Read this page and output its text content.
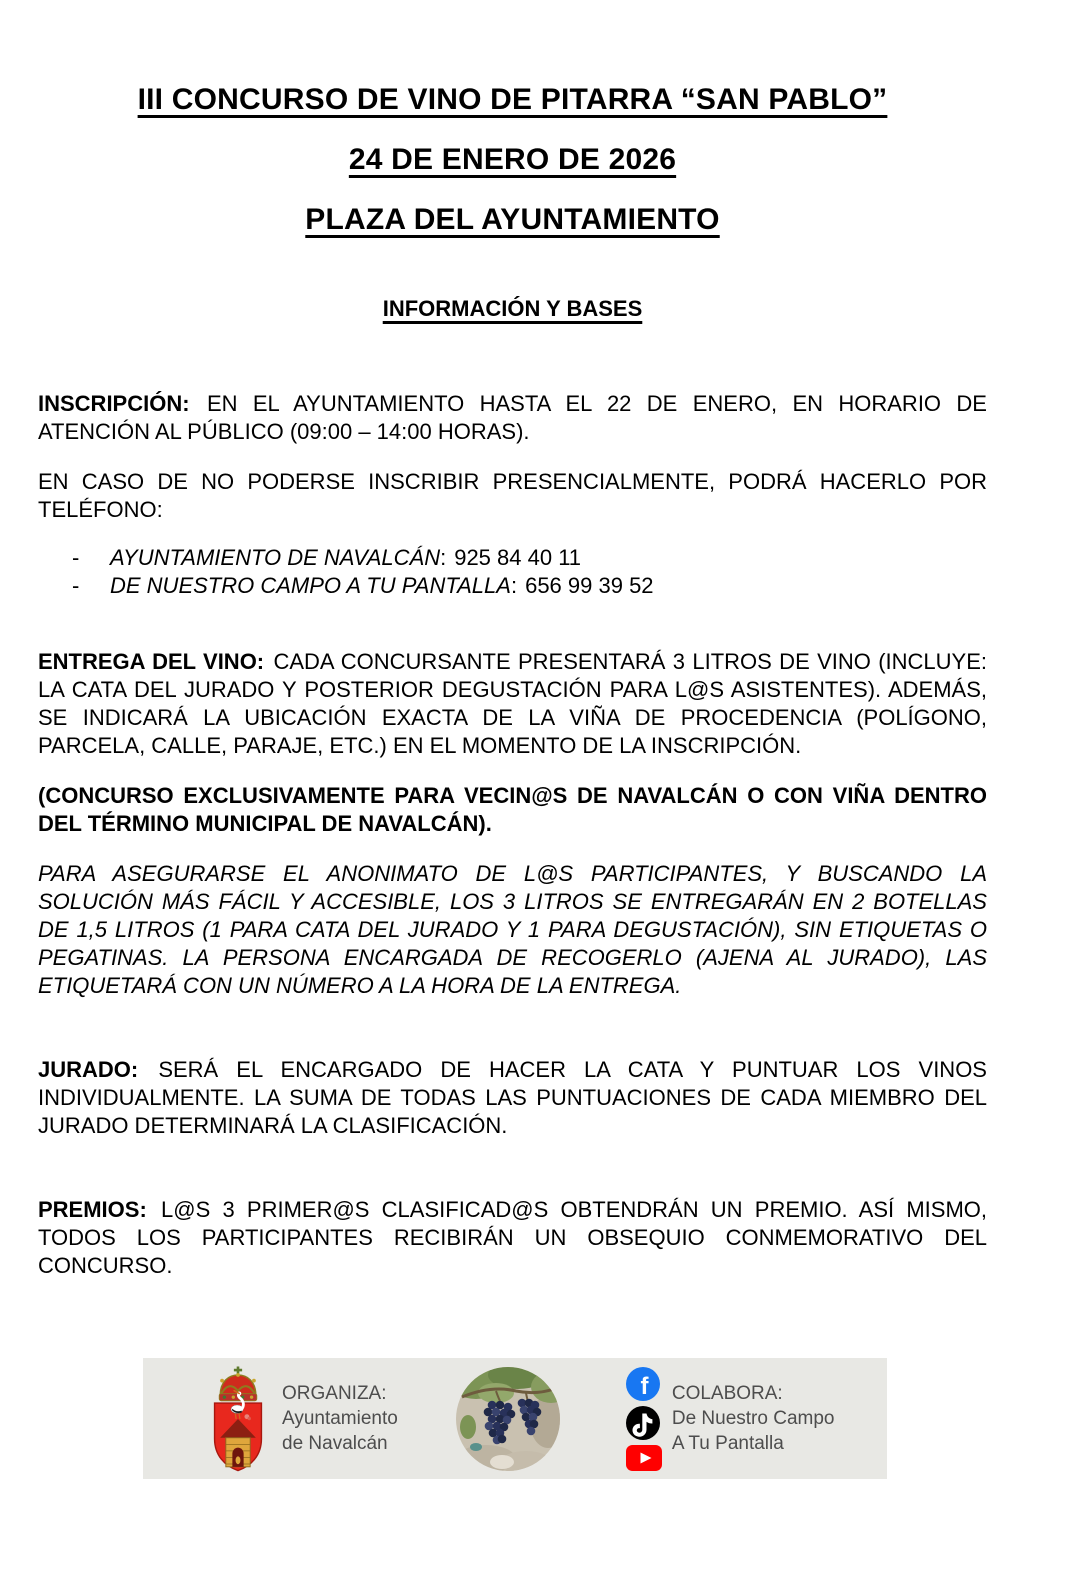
III CONCURSO DE VINO DE PITARRA “SAN PABLO”
24 DE ENERO DE 2026
PLAZA DEL AYUNTAMIENTO
INFORMACIÓN Y BASES

INSCRIPCIÓN: EN EL AYUNTAMIENTO HASTA EL 22 DE ENERO, EN HORARIO DE ATENCIÓN AL PÚBLICO (09:00 – 14:00 HORAS).

EN CASO DE NO PODERSE INSCRIBIR PRESENCIALMENTE, PODRÁ HACERLO POR TELÉFONO:

-	AYUNTAMIENTO DE NAVALCÁN: 925 84 40 11
-	DE NUESTRO CAMPO A TU PANTALLA: 656 99 39 52

ENTREGA DEL VINO: CADA CONCURSANTE PRESENTARÁ 3 LITROS DE VINO (INCLUYE: LA CATA DEL JURADO Y POSTERIOR DEGUSTACIÓN PARA L@S ASISTENTES). ADEMÁS, SE INDICARÁ LA UBICACIÓN EXACTA DE LA VIÑA DE PROCEDENCIA (POLÍGONO, PARCELA, CALLE, PARAJE, ETC.) EN EL MOMENTO DE LA INSCRIPCIÓN.

(CONCURSO EXCLUSIVAMENTE PARA VECIN@S DE NAVALCÁN O CON VIÑA DENTRO DEL TÉRMINO MUNICIPAL DE NAVALCÁN).

PARA ASEGURARSE EL ANONIMATO DE L@S PARTICIPANTES, Y BUSCANDO LA SOLUCIÓN MÁS FÁCIL Y ACCESIBLE, LOS 3 LITROS SE ENTREGARÁN EN 2 BOTELLAS DE 1,5 LITROS (1 PARA CATA DEL JURADO Y 1 PARA DEGUSTACIÓN), SIN ETIQUETAS O PEGATINAS. LA PERSONA ENCARGADA DE RECOGERLO (AJENA AL JURADO), LAS ETIQUETARÁ CON UN NÚMERO A LA HORA DE LA ENTREGA.

JURADO: SERÁ EL ENCARGADO DE HACER LA CATA Y PUNTUAR LOS VINOS INDIVIDUALMENTE. LA SUMA DE TODAS LAS PUNTUACIONES DE CADA MIEMBRO DEL JURADO DETERMINARÁ LA CLASIFICACIÓN.

PREMIOS: L@S 3 PRIMER@S CLASIFICAD@S OBTENDRÁN UN PREMIO. ASÍ MISMO, TODOS LOS PARTICIPANTES RECIBIRÁN UN OBSEQUIO CONMEMORATIVO DEL CONCURSO.

ORGANIZA:
Ayuntamiento
de Navalcán
f COLABORA:
De Nuestro Campo
A Tu Pantalla
